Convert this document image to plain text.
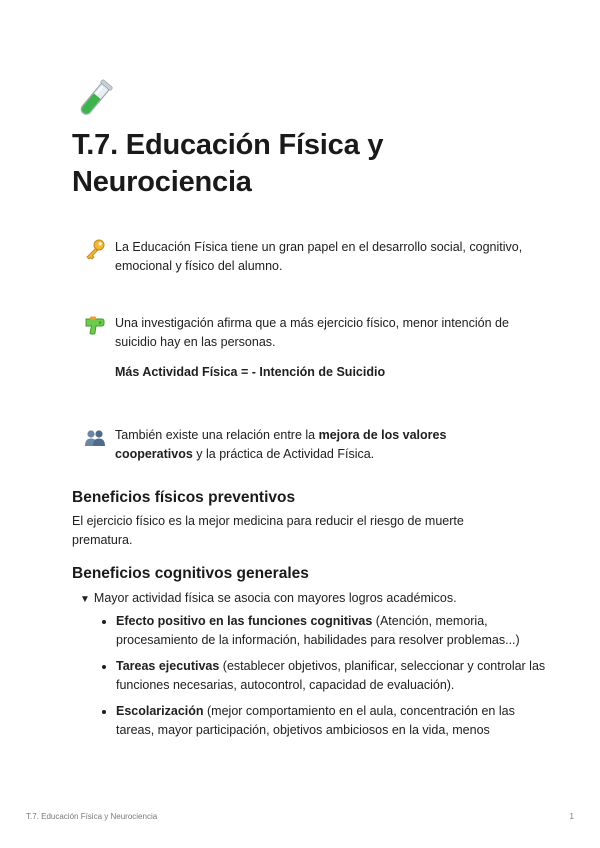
T.7. Educación Física y Neurociencia

La Educación Física tiene un gran papel en el desarrollo social, cognitivo, emocional y físico del alumno.

Una investigación afirma que a más ejercicio físico, menor intención de suicidio hay en las personas.

Más Actividad Física = - Intención de Suicidio

También existe una relación entre la mejora de los valores cooperativos y la práctica de Actividad Física.

Beneficios físicos preventivos

El ejercicio físico es la mejor medicina para reducir el riesgo de muerte prematura.

Beneficios cognitivos generales
▼ Mayor actividad física se asocia con mayores logros académicos.
• Efecto positivo en las funciones cognitivas (Atención, memoria, procesamiento de la información, habilidades para resolver problemas...)
• Tareas ejecutivas (establecer objetivos, planificar, seleccionar y controlar las funciones necesarias, autocontrol, capacidad de evaluación).
• Escolarización (mejor comportamiento en el aula, concentración en las tareas, mayor participación, objetivos ambiciosos en la vida, menos
T.7. Educación Física y Neurociencia	1
